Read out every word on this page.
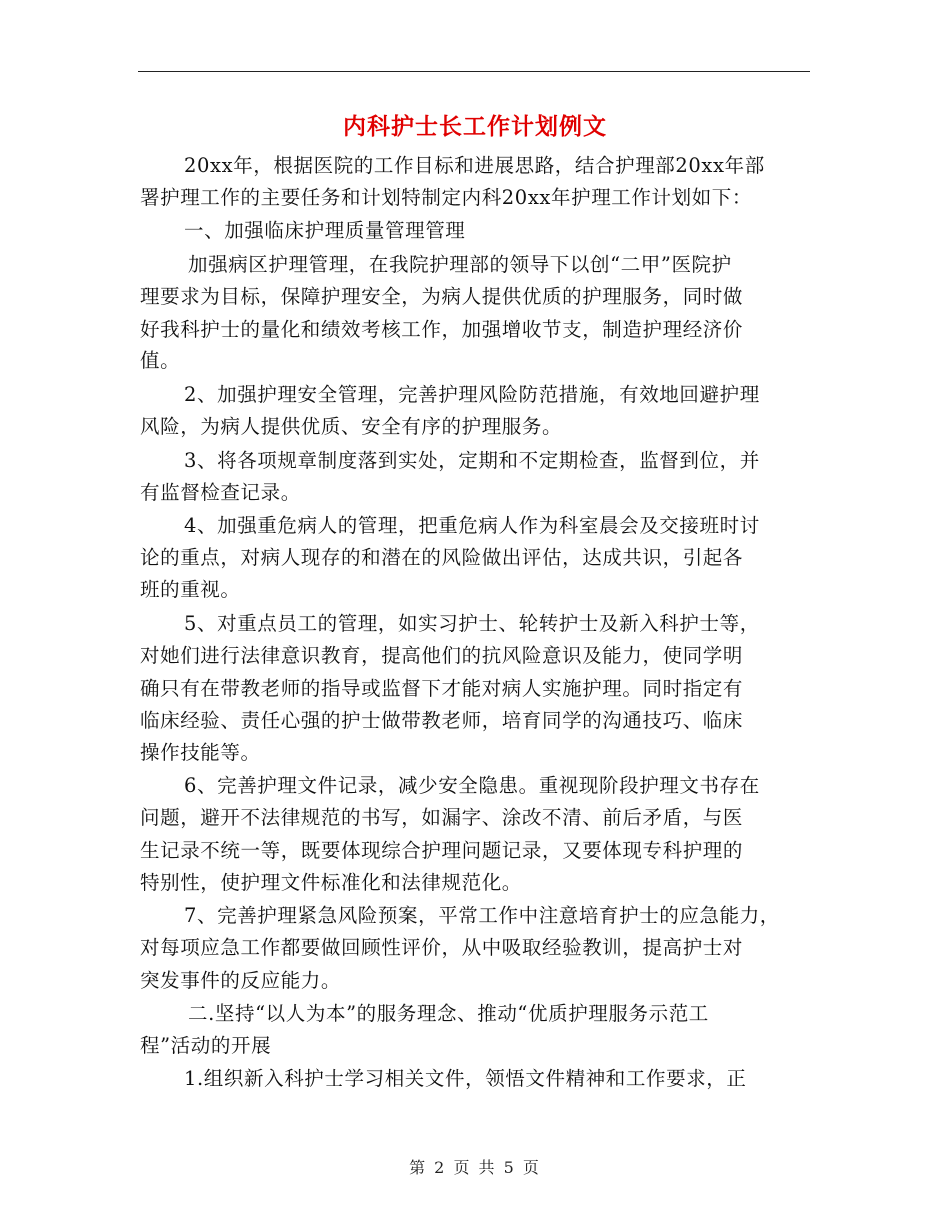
内科护士长工作计划例文
20xx年，根据医院的工作目标和进展思路，结合护理部20xx年部
署护理工作的主要任务和计划特制定内科20xx年护理工作计划如下：
一、加强临床护理质量管理管理
加强病区护理管理，在我院护理部的领导下以创“二甲”医院护
理要求为目标，保障护理安全，为病人提供优质的护理服务，同时做
好我科护士的量化和绩效考核工作，加强增收节支，制造护理经济价
值。
2、加强护理安全管理，完善护理风险防范措施，有效地回避护理
风险，为病人提供优质、安全有序的护理服务。
3、将各项规章制度落到实处，定期和不定期检查，监督到位，并
有监督检查记录。
4、加强重危病人的管理，把重危病人作为科室晨会及交接班时讨
论的重点，对病人现存的和潜在的风险做出评估，达成共识，引起各
班的重视。
5、对重点员工的管理，如实习护士、轮转护士及新入科护士等，
对她们进行法律意识教育，提高他们的抗风险意识及能力，使同学明
确只有在带教老师的指导或监督下才能对病人实施护理。同时指定有
临床经验、责任心强的护士做带教老师，培育同学的沟通技巧、临床
操作技能等。
6、完善护理文件记录，减少安全隐患。重视现阶段护理文书存在
问题，避开不法律规范的书写，如漏字、涂改不清、前后矛盾，与医
生记录不统一等，既要体现综合护理问题记录，又要体现专科护理的
特别性，使护理文件标准化和法律规范化。
7、完善护理紧急风险预案，平常工作中注意培育护士的应急能力，
对每项应急工作都要做回顾性评价，从中吸取经验教训，提高护士对
突发事件的反应能力。
二.坚持“以人为本”的服务理念、推动“优质护理服务示范工
程”活动的开展
1.组织新入科护士学习相关文件，领悟文件精神和工作要求，正
第 2 页 共 5 页
